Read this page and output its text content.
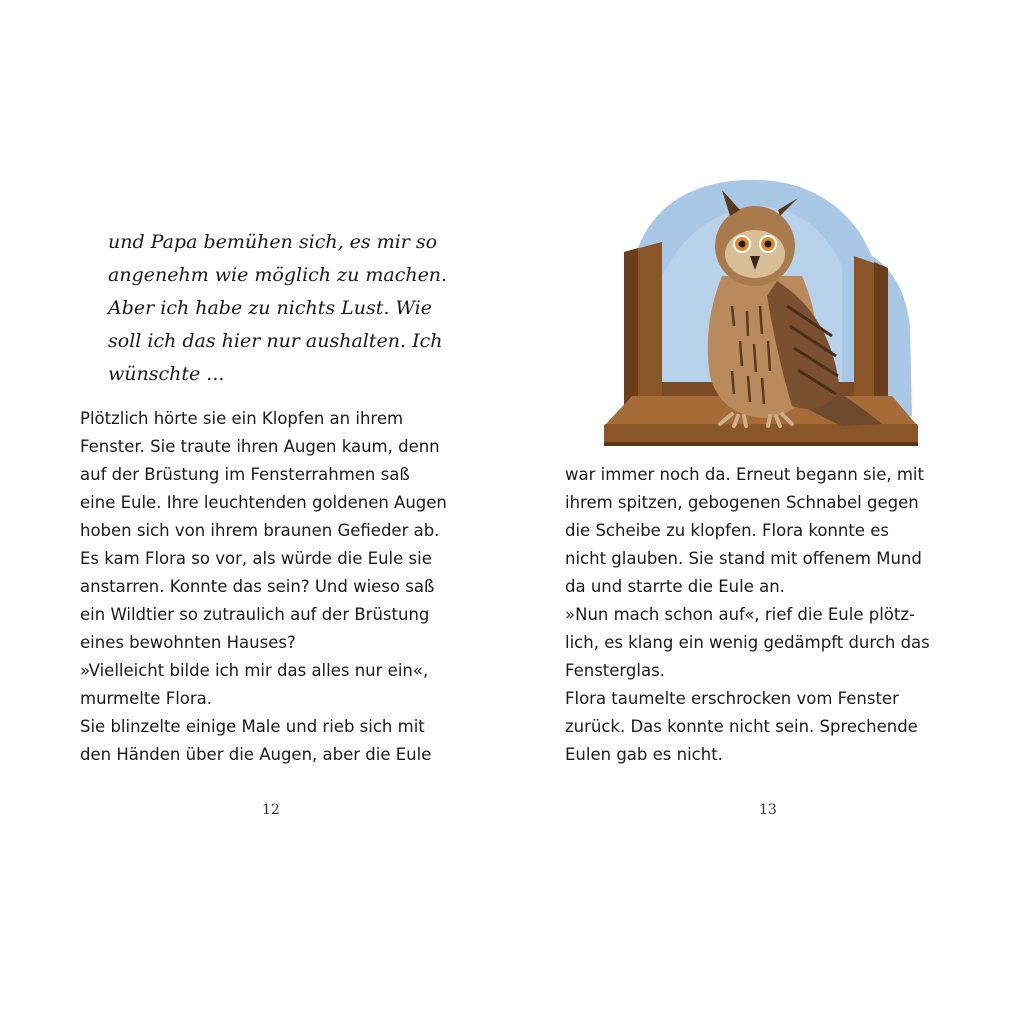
und Papa bemühen sich, es mir so
angenehm wie möglich zu machen.
Aber ich habe zu nichts Lust. Wie
soll ich das hier nur aushalten. Ich
wünschte ...
Plötzlich hörte sie ein Klopfen an ihrem
Fenster. Sie traute ihren Augen kaum, denn
auf der Brüstung im Fensterrahmen saß
eine Eule. Ihre leuchtenden goldenen Augen
hoben sich von ihrem braunen Gefieder ab.
Es kam Flora so vor, als würde die Eule sie
anstarren. Konnte das sein? Und wieso saß
ein Wildtier so zutraulich auf der Brüstung
eines bewohnten Hauses?
»Vielleicht bilde ich mir das alles nur ein«,
murmelte Flora.
Sie blinzelte einige Male und rieb sich mit
den Händen über die Augen, aber die Eule
12
war immer noch da. Erneut begann sie, mit
ihrem spitzen, gebogenen Schnabel gegen
die Scheibe zu klopfen. Flora konnte es
nicht glauben. Sie stand mit offenem Mund
da und starrte die Eule an.
»Nun mach schon auf«, rief die Eule plötz-
lich, es klang ein wenig gedämpft durch das
Fensterglas.
Flora taumelte erschrocken vom Fenster
zurück. Das konnte nicht sein. Sprechende
Eulen gab es nicht.
13
